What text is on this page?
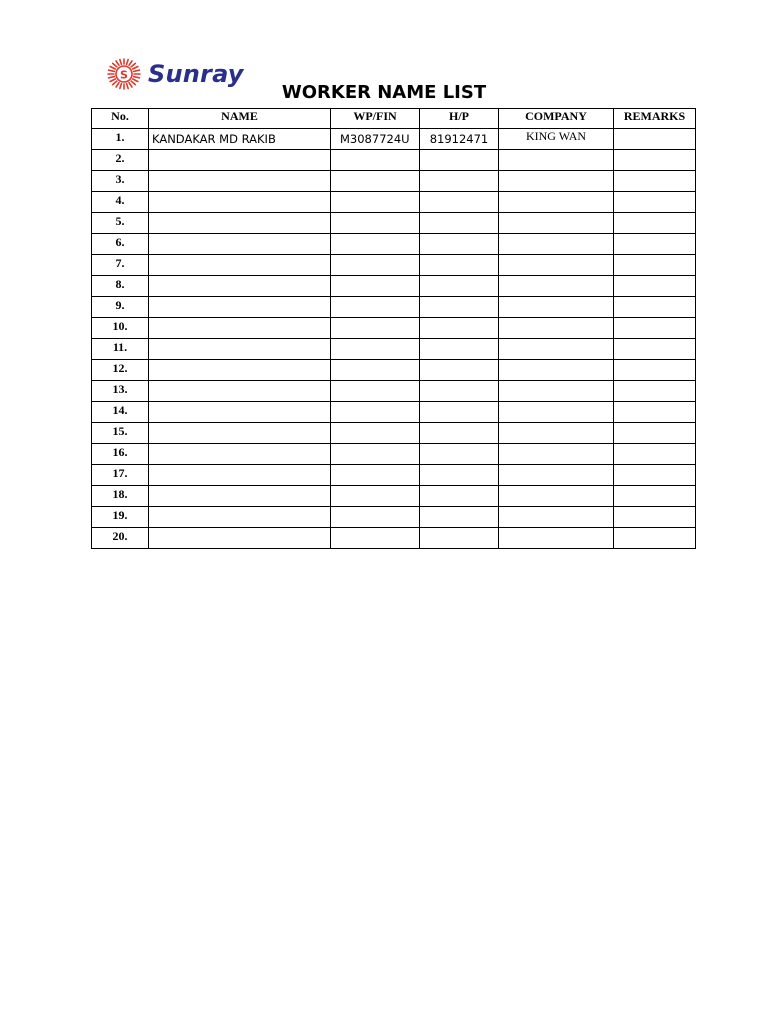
S Sunray
WORKER NAME LIST
No.	NAME	WP/FIN	H/P	COMPANY	REMARKS
1.	KANDAKAR MD RAKIB	M3087724U	81912471	KING WAN	
2.					
3.					
4.					
5.					
6.					
7.					
8.					
9.					
10.					
11.					
12.					
13.					
14.					
15.					
16.					
17.					
18.					
19.					
20.					
